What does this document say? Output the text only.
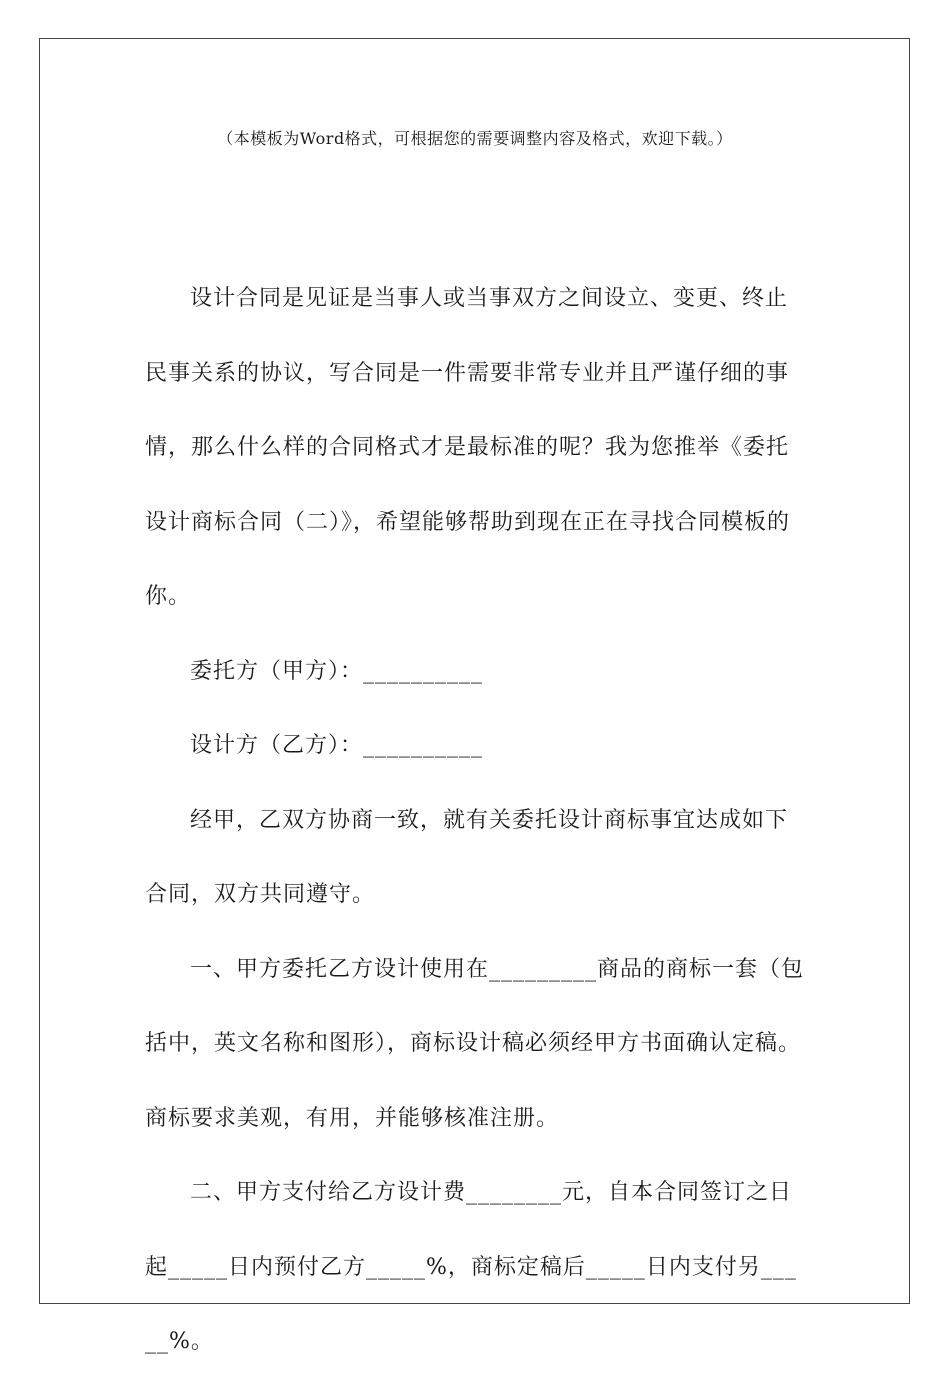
（本模板为Word格式，可根据您的需要调整内容及格式，欢迎下载。）

设计合同是见证是当事人或当事双方之间设立、变更、终止民事关系的协议，写合同是一件需要非常专业并且严谨仔细的事情，那么什么样的合同格式才是最标准的呢？我为您推举《委托设计商标合同（二）》，希望能够帮助到现在正在寻找合同模板的你。

委托方（甲方）：__________

设计方（乙方）：__________

经甲，乙双方协商一致，就有关委托设计商标事宜达成如下合同，双方共同遵守。

一、甲方委托乙方设计使用在_________商品的商标一套（包括中，英文名称和图形），商标设计稿必须经甲方书面确认定稿。商标要求美观，有用，并能够核准注册。

二、甲方支付给乙方设计费________元，自本合同签订之日起_____日内预付乙方_____%，商标定稿后_____日内支付另_____%。
